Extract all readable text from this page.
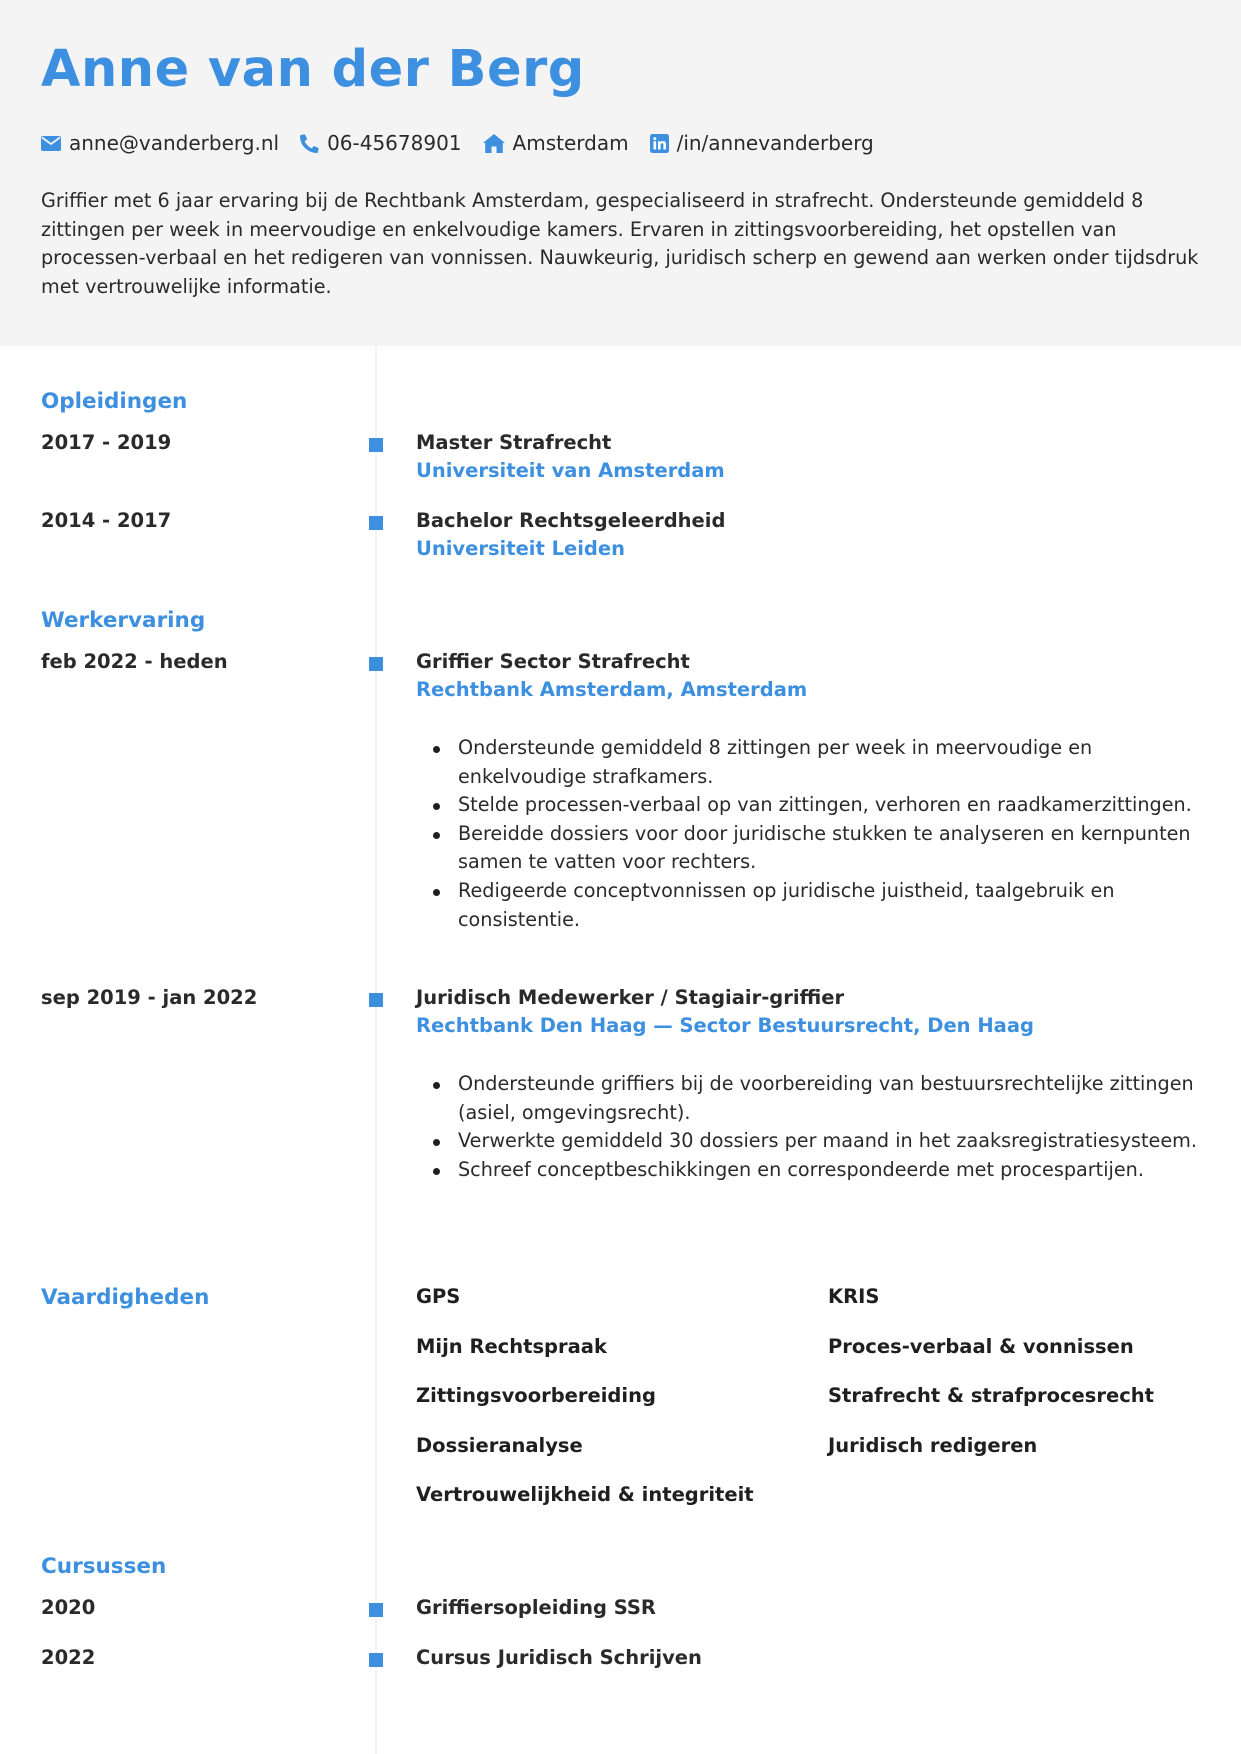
Anne van der Berg
anne@vanderberg.nl 06-45678901	Amsterdam /in/annevanderberg

Griffier met 6 jaar ervaring bij de Rechtbank Amsterdam, gespecialiseerd in strafrecht. Ondersteunde gemiddeld 8 zittingen per week in meervoudige en enkelvoudige kamers. Ervaren in zittingsvoorbereiding, het opstellen van processen-verbaal en het redigeren van vonnissen. Nauwkeurig, juridisch scherp en gewend aan werken onder tijdsdruk met vertrouwelijke informatie.

Opleidingen
2017 - 2019	Master Strafrecht
Universiteit van Amsterdam
2014 - 2017	Bachelor Rechtsgeleerdheid
Universiteit Leiden
Werkervaring
feb 2022 - heden	Griffier Sector Strafrecht
Rechtbank Amsterdam, Amsterdam
Ondersteunde gemiddeld 8 zittingen per week in meervoudige en enkelvoudige strafkamers.
Stelde processen-verbaal op van zittingen, verhoren en raadkamerzittingen.
Bereidde dossiers voor door juridische stukken te analyseren en kernpunten samen te vatten voor rechters.
Redigeerde conceptvonnissen op juridische juistheid, taalgebruik en consistentie.
sep 2019 - jan 2022	Juridisch Medewerker / Stagiair-griffier
Rechtbank Den Haag — Sector Bestuursrecht, Den Haag
Ondersteunde griffiers bij de voorbereiding van bestuursrechtelijke zittingen (asiel, omgevingsrecht).
Verwerkte gemiddeld 30 dossiers per maand in het zaaksregistratiesysteem.
Schreef conceptbeschikkingen en correspondeerde met procespartijen.
Vaardigheden	GPS	KRIS
Mijn Rechtspraak	Proces-verbaal & vonnissen
Zittingsvoorbereiding	Strafrecht & strafprocesrecht
Dossieranalyse	Juridisch redigeren
Vertrouwelijkheid & integriteit
Cursussen
2020	Griffiersopleiding SSR
2022	Cursus Juridisch Schrijven
